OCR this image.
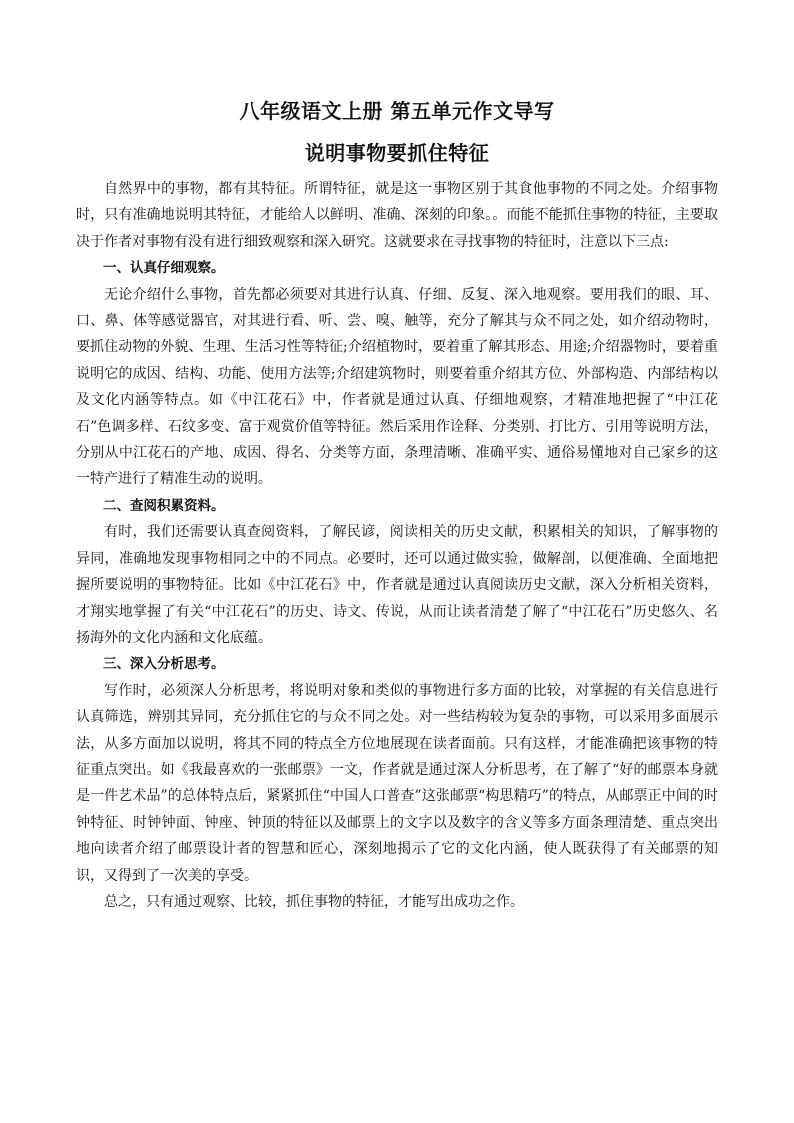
八年级语文上册 第五单元作文导写
说明事物要抓住特征

自然界中的事物，都有其特征。所谓特征，就是这一事物区别于其食他事物的不同之处。介绍事物时，只有准确地说明其特征，才能给人以鲜明、准确、深刻的印象。。而能不能抓住事物的特征，主要取决于作者对事物有没有进行细致观察和深入研究。这就要求在寻找事物的特征时，注意以下三点:

一、认真仔细观察。

无论介绍什么事物，首先都必须要对其进行认真、仔细、反复、深入地观察。要用我们的眼、耳、口、鼻、体等感觉器官，对其进行看、听、尝、嗅、触等，充分了解其与众不同之处，如介绍动物时，要抓住动物的外貌、生理、生活习性等特征;介绍植物时，要着重了解其形态、用途;介绍器物时，要着重说明它的成因、结构、功能、使用方法等;介绍建筑物时，则要着重介绍其方位、外部构造、内部结构以及文化内涵等特点。如《中江花石》中，作者就是通过认真、仔细地观察，才精准地把握了“中江花石”色调多样、石纹多变、富于观赏价值等特征。然后采用作诠释、分类别、打比方、引用等说明方法，分别从中江花石的产地、成因、得名、分类等方面，条理清晰、准确平实、通俗易懂地对自己家乡的这一特产进行了精准生动的说明。

二、查阅积累资料。

有时，我们还需要认真查阅资料，了解民谚，阅读相关的历史文献，积累相关的知识，了解事物的异同，准确地发现事物相同之中的不同点。必要时，还可以通过做实验，做解剖，以便准确、全面地把握所要说明的事物特征。比如《中江花石》中，作者就是通过认真阅读历史文献，深入分析相关资料，才翔实地掌握了有关“中江花石”的历史、诗文、传说，从而让读者清楚了解了“中江花石”历史悠久、名扬海外的文化内涵和文化底蕴。

三、深入分析思考。

写作时，必须深人分析思考，将说明对象和类似的事物进行多方面的比较，对掌握的有关信息进行认真筛选，辨别其异同，充分抓住它的与众不同之处。对一些结构较为复杂的事物，可以采用多面展示法，从多方面加以说明，将其不同的特点全方位地展现在读者面前。只有这样，才能准确把该事物的特征重点突出。如《我最喜欢的一张邮票》一文，作者就是通过深人分析思考，在了解了“好的邮票本身就是一件艺术品”的总体特点后，紧紧抓住“中国人口普查”这张邮票“构思精巧”的特点，从邮票正中间的时钟特征、时钟钟面、钟座、钟顶的特征以及邮票上的文字以及数字的含义等多方面条理清楚、重点突出地向读者介绍了邮票设计者的智慧和匠心，深刻地揭示了它的文化内涵，使人既获得了有关邮票的知识，又得到了一次美的享受。

总之，只有通过观察、比较，抓住事物的特征，才能写出成功之作。
